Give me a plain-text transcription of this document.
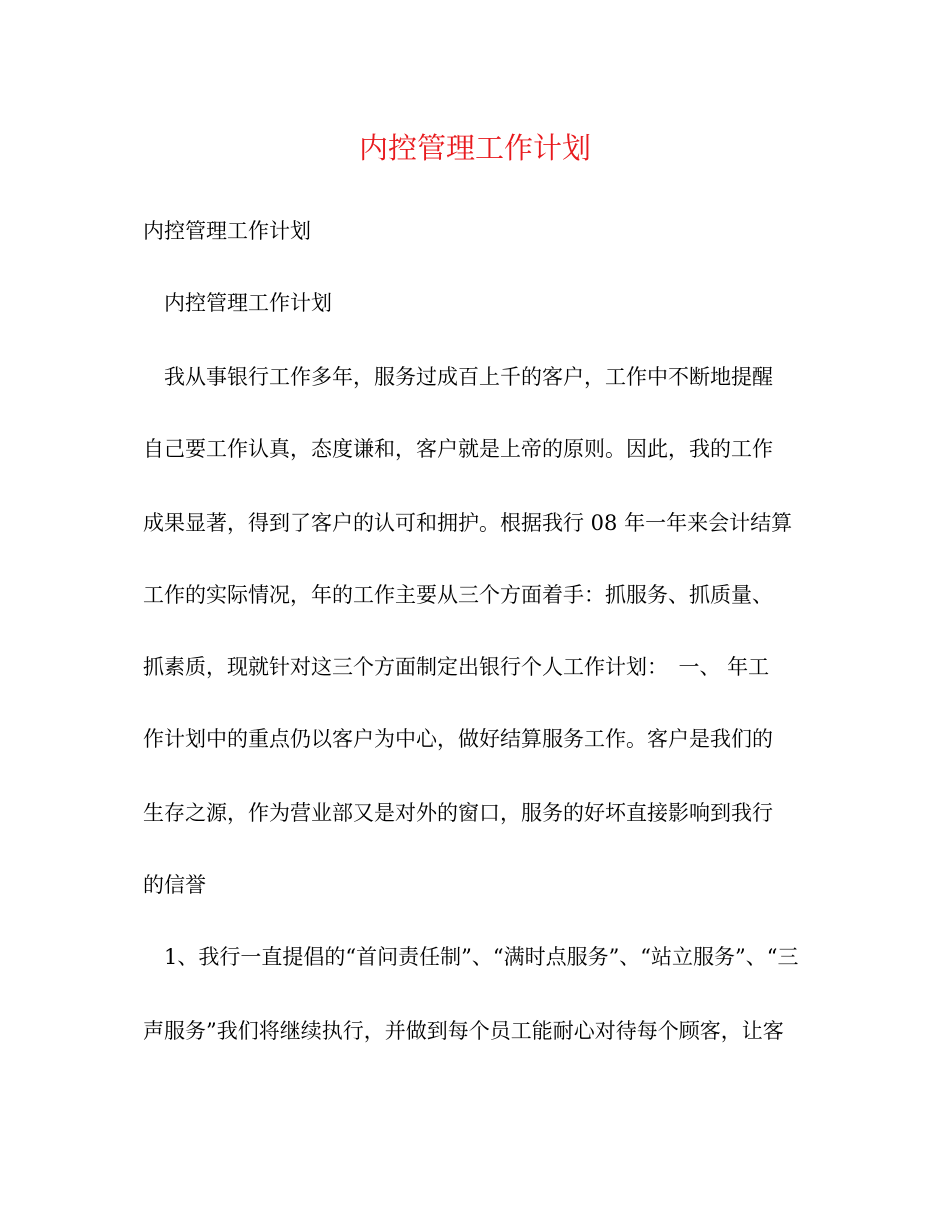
内控管理工作计划

内控管理工作计划

内控管理工作计划

我从事银行工作多年，服务过成百上千的客户，工作中不断地提醒

自己要工作认真，态度谦和，客户就是上帝的原则。因此，我的工作

成果显著，得到了客户的认可和拥护。根据我行 08 年一年来会计结算

工作的实际情况，年的工作主要从三个方面着手：抓服务、抓质量、

抓素质，现就针对这三个方面制定出银行个人工作计划：　一、 年工

作计划中的重点仍以客户为中心，做好结算服务工作。客户是我们的

生存之源，作为营业部又是对外的窗口，服务的好坏直接影响到我行

的信誉

1、我行一直提倡的“首问责任制”、“满时点服务”、“站立服务”、“三

声服务”我们将继续执行，并做到每个员工能耐心对待每个顾客，让客
